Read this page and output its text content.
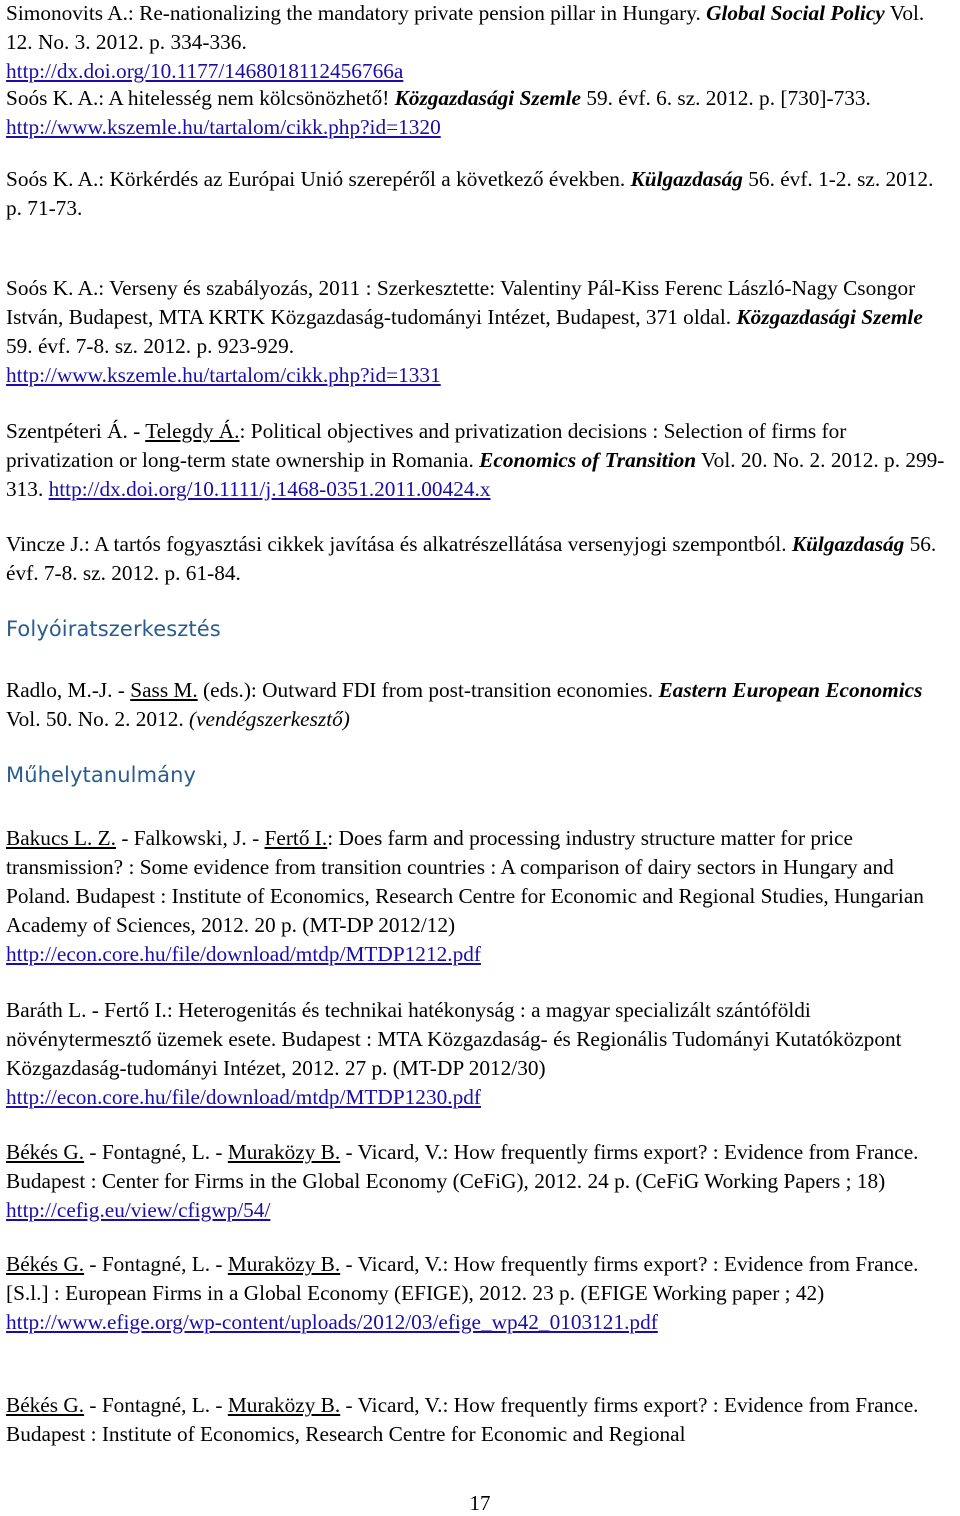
Simonovits A.: Re-nationalizing the mandatory private pension pillar in Hungary. Global Social Policy Vol. 12. No. 3. 2012. p. 334-336.
http://dx.doi.org/10.1177/1468018112456766a

Soós K. A.: A hitelesség nem kölcsönözhető! Közgazdasági Szemle 59. évf. 6. sz. 2012. p. [730]-733. http://www.kszemle.hu/tartalom/cikk.php?id=1320

Soós K. A.: Körkérdés az Európai Unió szerepéről a következő években. Külgazdaság 56. évf. 1-2. sz. 2012. p. 71-73.

Soós K. A.: Verseny és szabályozás, 2011 : Szerkesztette: Valentiny Pál-Kiss Ferenc László-Nagy Csongor István, Budapest, MTA KRTK Közgazdaság-tudományi Intézet, Budapest, 371 oldal. Közgazdasági Szemle 59. évf. 7-8. sz. 2012. p. 923-929.
http://www.kszemle.hu/tartalom/cikk.php?id=1331

Szentpéteri Á. - Telegdy Á.: Political objectives and privatization decisions : Selection of firms for privatization or long-term state ownership in Romania. Economics of Transition Vol. 20. No. 2. 2012. p. 299-313. http://dx.doi.org/10.1111/j.1468-0351.2011.00424.x

Vincze J.: A tartós fogyasztási cikkek javítása és alkatrészellátása versenyjogi szempontból. Külgazdaság 56. évf. 7-8. sz. 2012. p. 61-84.

Folyóiratszerkesztés

Radlo, M.-J. - Sass M. (eds.): Outward FDI from post-transition economies. Eastern European Economics Vol. 50. No. 2. 2012. (vendégszerkesztő)

Műhelytanulmány

Bakucs L. Z. - Falkowski, J. - Fertő I.: Does farm and processing industry structure matter for price transmission? : Some evidence from transition countries : A comparison of dairy sectors in Hungary and Poland. Budapest : Institute of Economics, Research Centre for Economic and Regional Studies, Hungarian Academy of Sciences, 2012. 20 p. (MT-DP 2012/12)
http://econ.core.hu/file/download/mtdp/MTDP1212.pdf

Baráth L. - Fertő I.: Heterogenitás és technikai hatékonyság : a magyar specializált szántóföldi növénytermesztő üzemek esete. Budapest : MTA Közgazdaság- és Regionális Tudományi Kutatóközpont Közgazdaság-tudományi Intézet, 2012. 27 p. (MT-DP 2012/30)
http://econ.core.hu/file/download/mtdp/MTDP1230.pdf

Békés G. - Fontagné, L. - Muraközy B. - Vicard, V.: How frequently firms export? : Evidence from France. Budapest : Center for Firms in the Global Economy (CeFiG), 2012. 24 p. (CeFiG Working Papers ; 18) http://cefig.eu/view/cfigwp/54/

Békés G. - Fontagné, L. - Muraközy B. - Vicard, V.: How frequently firms export? : Evidence from France. [S.l.] : European Firms in a Global Economy (EFIGE), 2012. 23 p. (EFIGE Working paper ; 42) http://www.efige.org/wp-content/uploads/2012/03/efige_wp42_0103121.pdf

Békés G. - Fontagné, L. - Muraközy B. - Vicard, V.: How frequently firms export? : Evidence from France. Budapest : Institute of Economics, Research Centre for Economic and Regional

17
